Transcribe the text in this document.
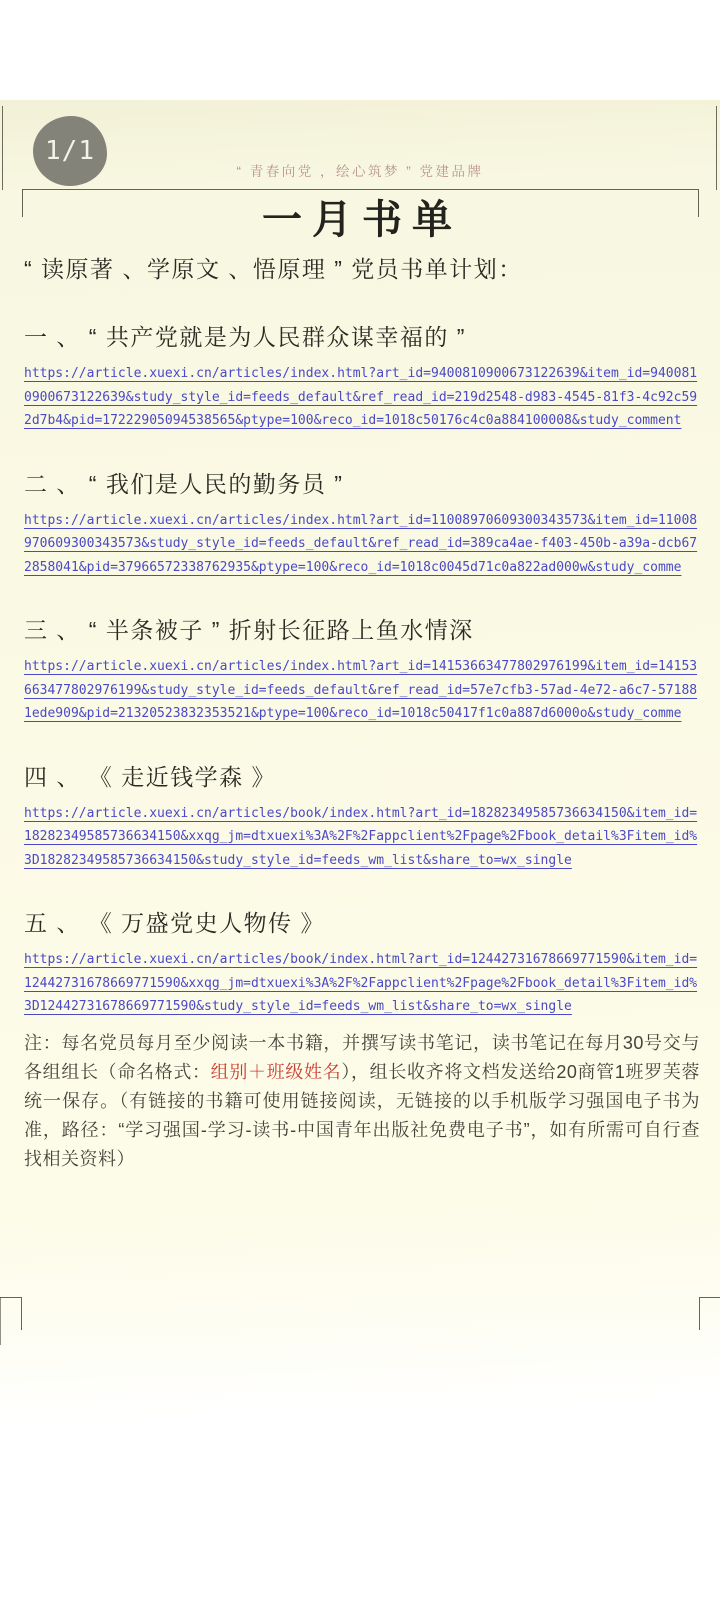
“ 青春向党 ，绘心筑梦 ” 党建品牌
1/1
一月书单
“ 读原著 、学原文 、悟原理 ” 党员书单计划：
一 、 “ 共产党就是为人民群众谋幸福的 ”
https://article.xuexi.cn/articles/index.html?art_id=9400810900673122639&item_id=9400810900673122639&study_style_id=feeds_default&ref_read_id=219d2548-d983-4545-81f3-4c92c592d7b4&pid=17222905094538565&ptype=100&reco_id=1018c50176c4c0a884100008&study_comment
二 、 “ 我们是人民的勤务员 ”
https://article.xuexi.cn/articles/index.html?art_id=11008970609300343573&item_id=11008970609300343573&study_style_id=feeds_default&ref_read_id=389ca4ae-f403-450b-a39a-dcb672858041&pid=37966572338762935&ptype=100&reco_id=1018c0045d71c0a822ad000w&study_comme
三 、 “ 半条被子 ” 折射长征路上鱼水情深
https://article.xuexi.cn/articles/index.html?art_id=14153663477802976199&item_id=14153663477802976199&study_style_id=feeds_default&ref_read_id=57e7cfb3-57ad-4e72-a6c7-571881ede909&pid=21320523832353521&ptype=100&reco_id=1018c50417f1c0a887d6000o&study_comme
四 、 《 走近钱学森 》
https://article.xuexi.cn/articles/book/index.html?art_id=18282349585736634150&item_id=18282349585736634150&xxqg_jm=dtxuexi%3A%2F%2Fappclient%2Fpage%2Fbook_detail%3Fitem_id%3D18282349585736634150&study_style_id=feeds_wm_list&share_to=wx_single
五 、 《 万盛党史人物传 》
https://article.xuexi.cn/articles/book/index.html?art_id=12442731678669771590&item_id=12442731678669771590&xxqg_jm=dtxuexi%3A%2F%2Fappclient%2Fpage%2Fbook_detail%3Fitem_id%3D12442731678669771590&study_style_id=feeds_wm_list&share_to=wx_single
注：每名党员每月至少阅读一本书籍，并撰写读书笔记，读书笔记在每月30号交与各组组长（命名格式：组别＋班级姓名），组长收齐将文档发送给20商管1班罗芙蓉统一保存。（有链接的书籍可使用链接阅读，无链接的以手机版学习强国电子书为准，路径：“学习强国-学习-读书-中国青年出版社免费电子书”，如有所需可自行查找相关资料）
